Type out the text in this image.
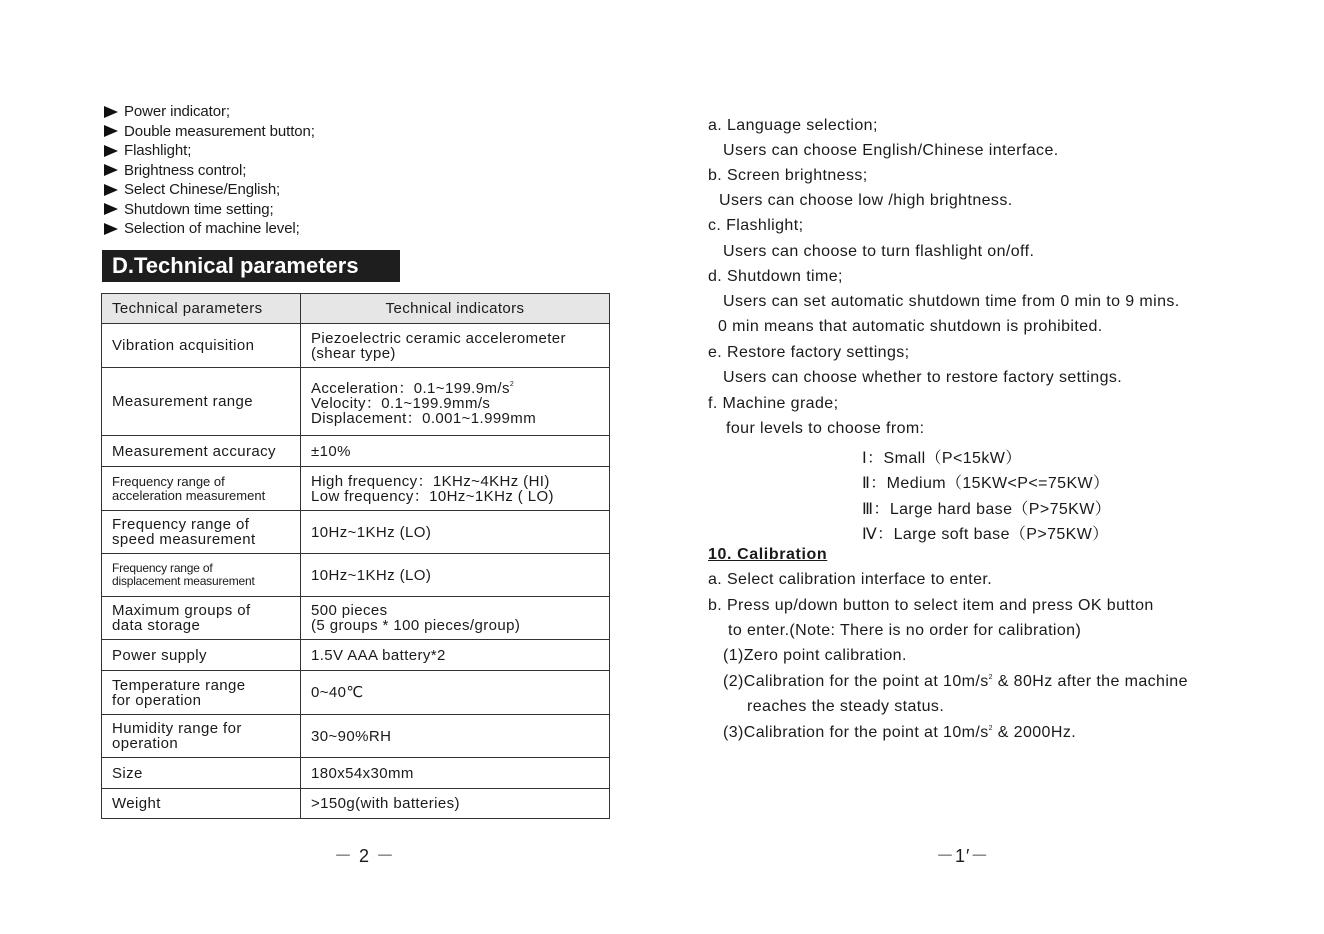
Power indicator;
Double measurement button;
Flashlight;
Brightness control;
Select Chinese/English;
Shutdown time setting;
Selection of machine level;
D.Technical parameters
Technical parameters	Technical indicators
Vibration acquisition	Piezoelectric ceramic accelerometer
(shear type)

Measurement range	Acceleration：$0.1\sim 199.9m/s^2$
Velocity：0.1~199.9mm/s
Displacement：0.001~1.999mm

Measurement accuracy	±10%

Frequency range of
acceleration measurement	High frequency：1KHz~4KHz (HI)
Low frequency：10Hz~1KHz ( LO)

Frequency range of
speed measurement	10Hz~1KHz (LO)

Frequency range of
displacement measurement	10Hz~1KHz (LO)

Maximum groups of
data storage	500 pieces
(5 groups * 100 pieces/group)

Power supply	1.5V AAA battery*2

Temperature range
for operation	0~40℃

Humidity range for
operation	30~90%RH
Size	180x54x30mm
Weight	>150g(with batteries)
－ 2 －
a. Language selection;
Users can choose English/Chinese interface.
b. Screen brightness;
Users can choose low /high brightness.
c. Flashlight;
Users can choose to turn flashlight on/off.
d. Shutdown time;
Users can set automatic shutdown time from 0 min to 9 mins.
0 min means that automatic shutdown is prohibited.
e. Restore factory settings;
Users can choose whether to restore factory settings.
f. Machine grade;
four levels to choose from:
Ⅰ：Small（P<15kW）
Ⅱ：Medium（15KW<P<=75KW）
Ⅲ：Large hard base（P>75KW）
Ⅳ：Large soft base（P>75KW）
10. Calibration
a. Select calibration interface to enter.
b. Press up/down button to select item and press OK button
to enter.(Note: There is no order for calibration)
(1)Zero point calibration.
(2)Calibration for the point at $10m/s^2$ & 80Hz after the machine
reaches the steady status.
(3)Calibration for the point at $10m/s^2$ & 2000Hz.
－1′－
